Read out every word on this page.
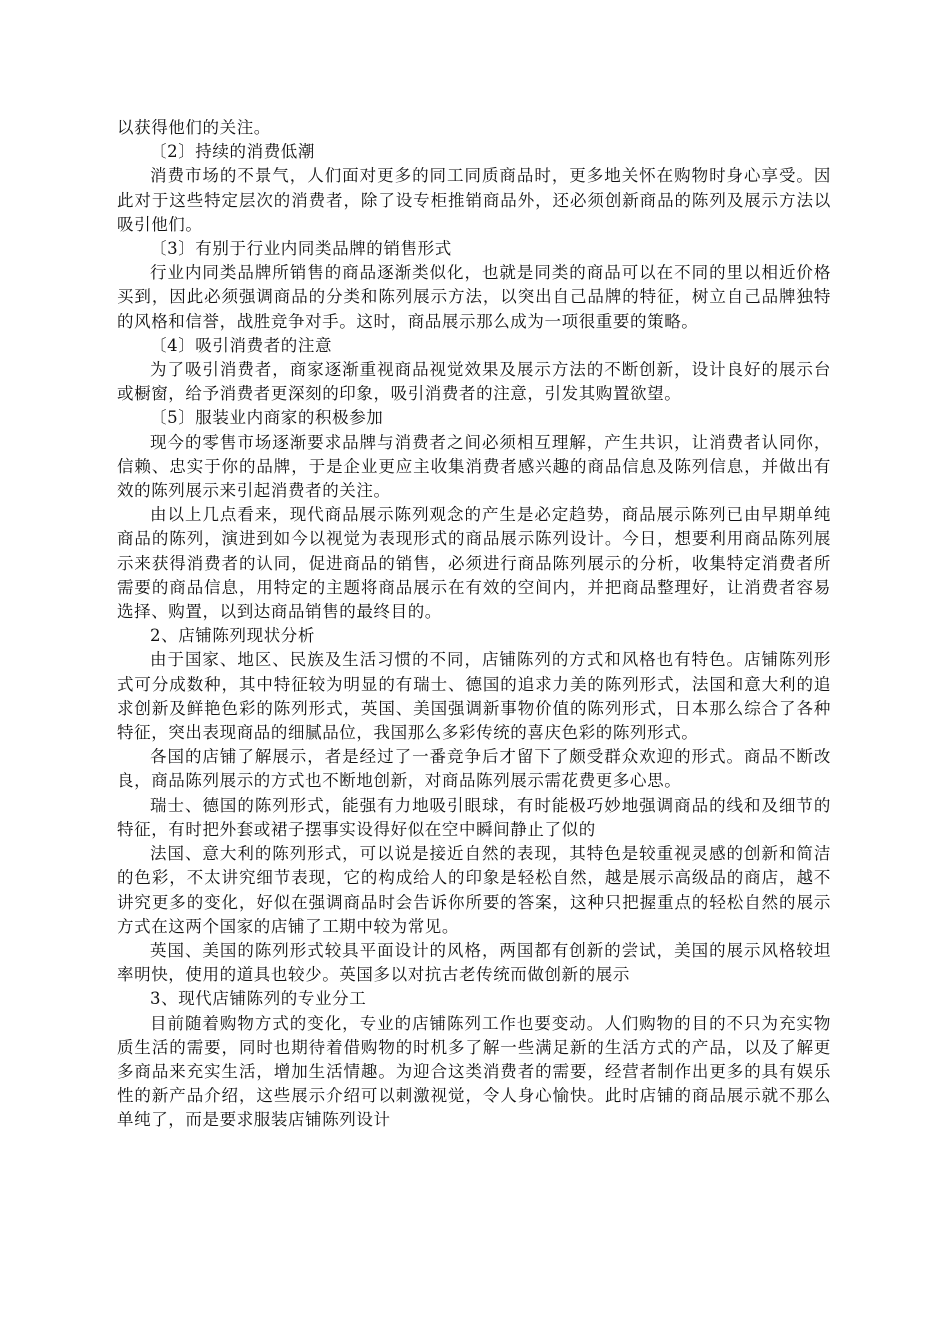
以获得他们的关注。

〔2〕持续的消费低潮

消费市场的不景气，人们面对更多的同工同质商品时，更多地关怀在购物时身心享受。因此对于这些特定层次的消费者，除了设专柜推销商品外，还必须创新商品的陈列及展示方法以吸引他们。

〔3〕有别于行业内同类品牌的销售形式

行业内同类品牌所销售的商品逐渐类似化，也就是同类的商品可以在不同的里以相近价格买到，因此必须强调商品的分类和陈列展示方法，以突出自己品牌的特征，树立自己品牌独特的风格和信誉，战胜竞争对手。这时，商品展示那么成为一项很重要的策略。

〔4〕吸引消费者的注意

为了吸引消费者，商家逐渐重视商品视觉效果及展示方法的不断创新，设计良好的展示台或橱窗，给予消费者更深刻的印象，吸引消费者的注意，引发其购置欲望。

〔5〕服装业内商家的积极参加

现今的零售市场逐渐要求品牌与消费者之间必须相互理解，产生共识，让消费者认同你，信赖、忠实于你的品牌，于是企业更应主收集消费者感兴趣的商品信息及陈列信息，并做出有效的陈列展示来引起消费者的关注。

由以上几点看来，现代商品展示陈列观念的产生是必定趋势，商品展示陈列已由早期单纯商品的陈列，演进到如今以视觉为表现形式的商品展示陈列设计。今日，想要利用商品陈列展示来获得消费者的认同，促进商品的销售，必须进行商品陈列展示的分析，收集特定消费者所需要的商品信息，用特定的主题将商品展示在有效的空间内，并把商品整理好，让消费者容易选择、购置，以到达商品销售的最终目的。

2、店铺陈列现状分析

由于国家、地区、民族及生活习惯的不同，店铺陈列的方式和风格也有特色。店铺陈列形式可分成数种，其中特征较为明显的有瑞士、德国的追求力美的陈列形式，法国和意大利的追求创新及鲜艳色彩的陈列形式，英国、美国强调新事物价值的陈列形式，日本那么综合了各种特征，突出表现商品的细腻品位，我国那么多彩传统的喜庆色彩的陈列形式。

各国的店铺了解展示，者是经过了一番竞争后才留下了颇受群众欢迎的形式。商品不断改良，商品陈列展示的方式也不断地创新，对商品陈列展示需花费更多心思。

瑞士、德国的陈列形式，能强有力地吸引眼球，有时能极巧妙地强调商品的线和及细节的特征，有时把外套或裙子摆事实设得好似在空中瞬间静止了似的

法国、意大利的陈列形式，可以说是接近自然的表现，其特色是较重视灵感的创新和简洁的色彩，不太讲究细节表现，它的构成给人的印象是轻松自然，越是展示高级品的商店，越不讲究更多的变化，好似在强调商品时会告诉你所要的答案，这种只把握重点的轻松自然的展示方式在这两个国家的店铺了工期中较为常见。

英国、美国的陈列形式较具平面设计的风格，两国都有创新的尝试，美国的展示风格较坦率明快，使用的道具也较少。英国多以对抗古老传统而做创新的展示

3、现代店铺陈列的专业分工

目前随着购物方式的变化，专业的店铺陈列工作也要变动。人们购物的目的不只为充实物质生活的需要，同时也期待着借购物的时机多了解一些满足新的生活方式的产品，以及了解更多商品来充实生活，增加生活情趣。为迎合这类消费者的需要，经营者制作出更多的具有娱乐性的新产品介绍，这些展示介绍可以刺激视觉，令人身心愉快。此时店铺的商品展示就不那么单纯了，而是要求服装店铺陈列设计
